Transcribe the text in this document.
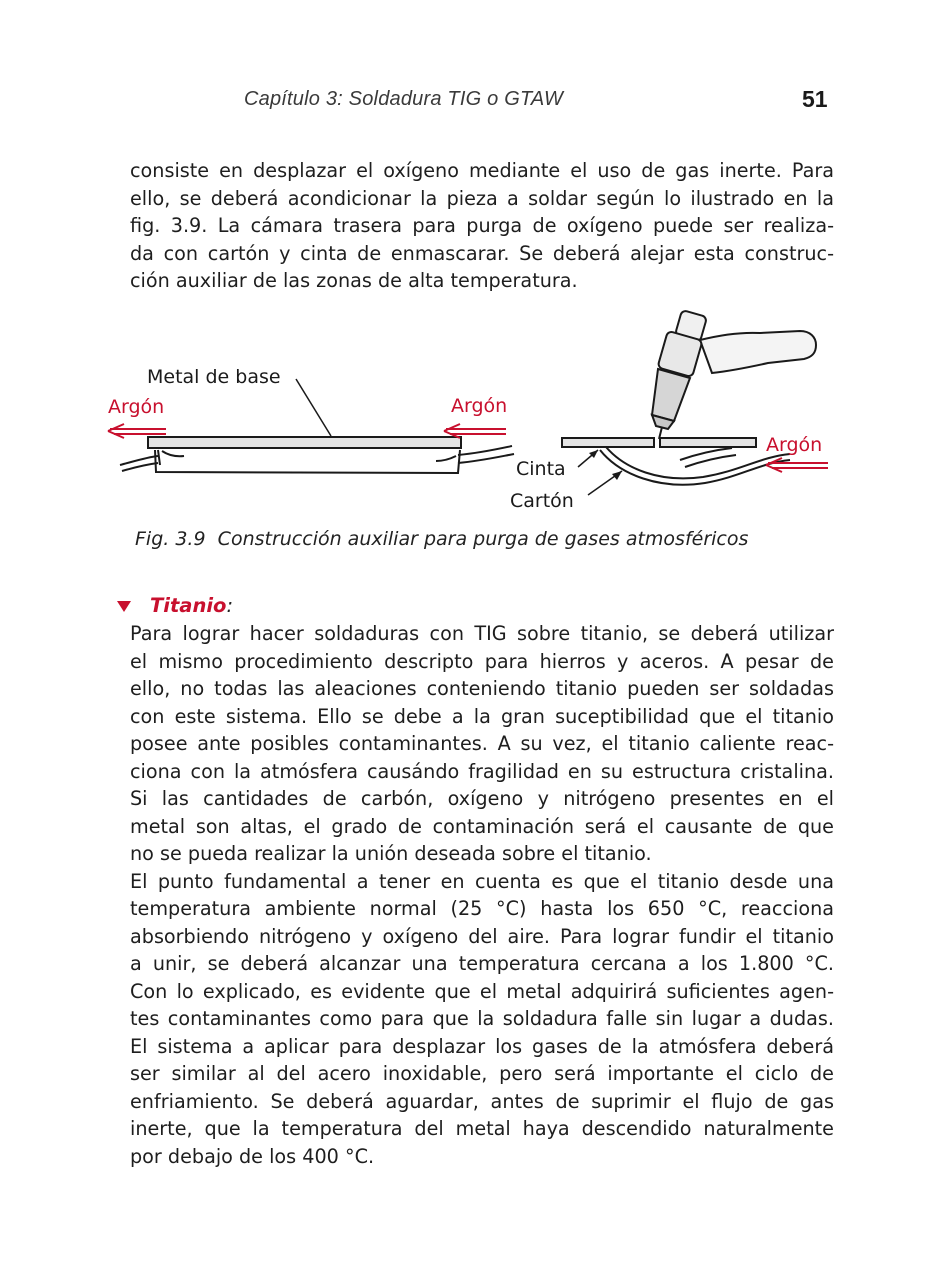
Capítulo 3: Soldadura TIG o GTAW	51
consiste en desplazar el oxígeno mediante el uso de gas inerte. Para
ello, se deberá acondicionar la pieza a soldar según lo ilustrado en la
fig. 3.9. La cámara trasera para purga de oxígeno puede ser realiza-
da con cartón y cinta de enmascarar. Se deberá alejar esta construc-
ción auxiliar de las zonas de alta temperatura.
Metal de base
Argón	Argón
Argón
Cinta
Cartón
Fig. 3.9 Construcción auxiliar para purga de gases atmosféricos
Titanio:
Para lograr hacer soldaduras con TIG sobre titanio, se deberá utilizar
el mismo procedimiento descripto para hierros y aceros. A pesar de
ello, no todas las aleaciones conteniendo titanio pueden ser soldadas
con este sistema. Ello se debe a la gran suceptibilidad que el titanio
posee ante posibles contaminantes. A su vez, el titanio caliente reac-
ciona con la atmósfera causándo fragilidad en su estructura cristalina.
Si las cantidades de carbón, oxígeno y nitrógeno presentes en el
metal son altas, el grado de contaminación será el causante de que
no se pueda realizar la unión deseada sobre el titanio.
El punto fundamental a tener en cuenta es que el titanio desde una
temperatura ambiente normal (25 °C) hasta los 650 °C, reacciona
absorbiendo nitrógeno y oxígeno del aire. Para lograr fundir el titanio
a unir, se deberá alcanzar una temperatura cercana a los 1.800 °C.
Con lo explicado, es evidente que el metal adquirirá suficientes agen-
tes contaminantes como para que la soldadura falle sin lugar a dudas.
El sistema a aplicar para desplazar los gases de la atmósfera deberá
ser similar al del acero inoxidable, pero será importante el ciclo de
enfriamiento. Se deberá aguardar, antes de suprimir el flujo de gas
inerte, que la temperatura del metal haya descendido naturalmente
por debajo de los 400 °C.
